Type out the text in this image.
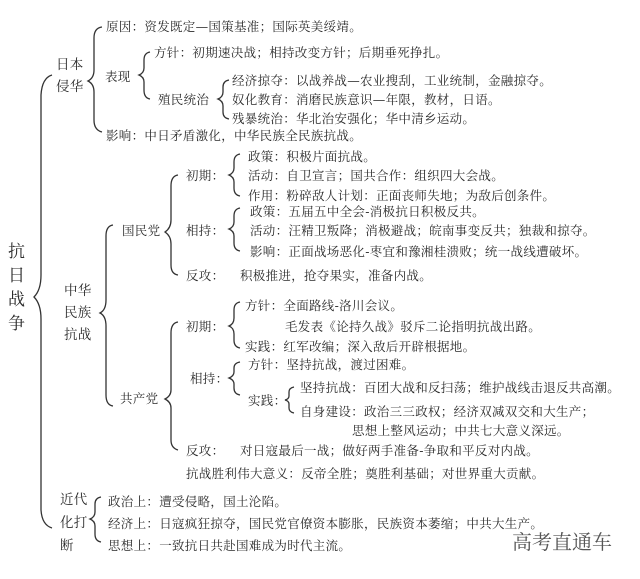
抗
日
战
争
日本
侵华
原因：资发既定—国策基准；国际英美绥靖。
表现
方针：初期速决战；相持改变方针；后期垂死挣扎。
殖民统治
经济掠夺：以战养战—农业搜刮，工业统制，金融掠夺。
奴化教育：消磨民族意识—年限，教材，日语。
残暴统治：华北治安强化；华中清乡运动。
影响：中日矛盾激化，中华民族全民族抗战。
中华
民族
抗战
国民党
初期：
政策：积极片面抗战。
活动：自卫宣言；国共合作：组织四大会战。
作用：粉碎敌人计划：正面丧师失地；为敌后创条件。
相持：
政策：五届五中全会-消极抗日积极反共。
活动：汪精卫叛降；消极避战；皖南事变反共；独裁和掠夺。
影响：正面战场恶化-枣宜和豫湘桂溃败；统一战线遭破坏。
反攻： 积极推进，抢夺果实，准备内战。
共产党
初期：
方针：全面路线-洛川会议。
毛发表《论持久战》驳斥二论指明抗战出路。
实践：红军改编；深入敌后开辟根据地。
相持：
方针：坚持抗战，渡过困难。
实践：
坚持抗战：百团大战和反扫荡；维护战线击退反共高潮。
自身建设：政治三三政权；经济双减双交和大生产；
思想上整风运动；中共七大意义深远。
反攻： 对日寇最后一战；做好两手准备-争取和平反对内战。
抗战胜利伟大意义：反帝全胜；奠胜利基础；对世界重大贡献。
近代
化打
断
政治上：遭受侵略，国土沦陷。
经济上：日寇疯狂掠夺，国民党官僚资本膨胀，民族资本萎缩；中共大生产。
思想上：一致抗日共赴国难成为时代主流。	高考直通车
